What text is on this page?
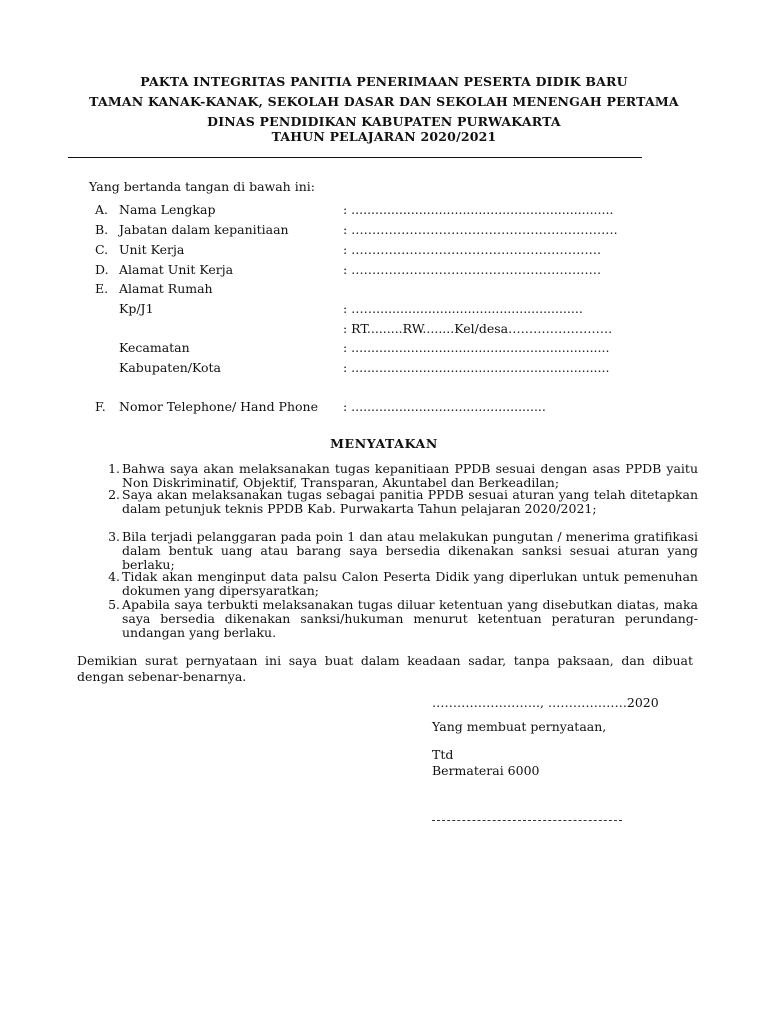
PAKTA INTEGRITAS PANITIA PENERIMAAN PESERTA DIDIK BARU
TAMAN KANAK-KANAK, SEKOLAH DASAR DAN SEKOLAH MENENGAH PERTAMA
DINAS PENDIDIKAN KABUPATEN PURWAKARTA
TAHUN PELAJARAN 2020/2021
Yang bertanda tangan di bawah ini:
A. Nama Lengkap	: ..................................................................
B. Jabatan dalam kepanitiaan	: ……………………………………………………….
C. Unit Kerja	: ……………………………………………………
D. Alamat Unit Kerja	: ……………………………………………………
E. Alamat Rumah
Kp/J1	: ……....................................................
: RT.........RW........Kel/desa…………………….
Kecamatan	: .................................................................
Kabupaten/Kota	: .................................................................
F.	Nomor Telephone/ Hand Phone : .................................................
MENYATAKAN
1. Bahwa saya akan melaksanakan tugas kepanitiaan PPDB sesuai dengan asas PPDB yaitu Non Diskriminatif, Objektif, Transparan, Akuntabel dan Berkeadilan;
2. Saya akan melaksanakan tugas sebagai panitia PPDB sesuai aturan yang telah ditetapkan dalam petunjuk teknis PPDB Kab. Purwakarta Tahun pelajaran 2020/2021;
3. Bila terjadi pelanggaran pada poin 1 dan atau melakukan pungutan / menerima gratifikasi dalam bentuk uang atau barang saya bersedia dikenakan sanksi sesuai aturan yang berlaku;
4. Tidak akan menginput data palsu Calon Peserta Didik yang diperlukan untuk pemenuhan dokumen yang dipersyaratkan;
5. Apabila saya terbukti melaksanakan tugas diluar ketentuan yang disebutkan diatas, maka saya bersedia dikenakan sanksi/hukuman menurut ketentuan peraturan perundang-undangan yang berlaku.
Demikian surat pernyataan ini saya buat dalam keadaan sadar, tanpa paksaan, dan dibuat dengan sebenar-benarnya.
…………………….., ……………….2020
Yang membuat pernyataan,
Ttd
Bermaterai 6000
